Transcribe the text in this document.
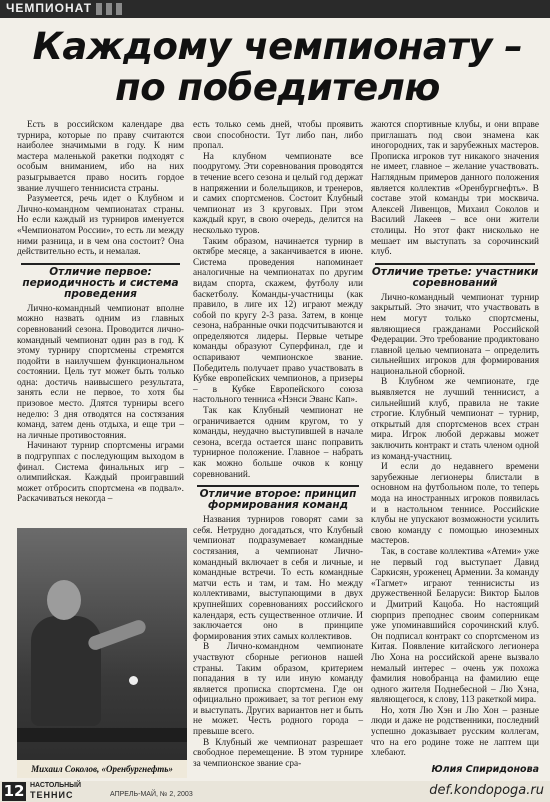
ЧЕМПИОНАТ
Каждому чемпионату – по победителю

Есть в российском календаре два турнира, которые по праву считаются наиболее значимыми в году. К ним мастера маленькой ракетки подходят с особым вниманием, ибо на них разыгрывается право носить гордое звание лучшего теннисиста страны.

Разумеется, речь идет о Клубном и Лично-командном чемпионатах страны. Но если каждый из турниров именуется «Чемпионатом России», то есть ли между ними разница, и в чем она состоит? Она действительно есть, и немалая.

Отличие первое: периодичность и система проведения

Лично-командный чемпионат вполне можно назвать одним из главных соревнований сезона. Проводится лично-командный чемпионат один раз в год. К этому турниру спортсмены стремятся подойти в наилучшем функциональном состоянии. Цель тут может быть только одна: достичь наивысшего результата, занять если не первое, то хотя бы призовое место. Длятся турниры всего неделю: 3 дня отводятся на состязания команд, затем день отдыха, и еще три – на личные противостояния.

Начинают турнир спортсмены играми в подгруппах с последующим выходом в финал. Система финальных игр – олимпийская. Каждый проигравший может отбросить спортсмена «в подвал». Раскачиваться некогда –

есть только семь дней, чтобы проявить свои способности. Тут либо пан, либо пропал.

На клубном чемпионате все поодругому. Эти соревнования проводятся в течение всего сезона и целый год держат в напряжении и болельщиков, и тренеров, и самих спортсменов. Состоит Клубный чемпионат из 3 круговых. При этом каждый круг, в свою очередь, делится на несколько туров.

Таким образом, начинается турнир в октябре месяце, а заканчивается в июне. Система проведения напоминает аналогичные на чемпионатах по другим видам спорта, скажем, футболу или баскетболу. Команды-участницы (как правило, в лиге их 12) играют между собой по кругу 2-3 раза. Затем, в конце сезона, набранные очки подсчитываются и определяются лидеры. Первые четыре команды образуют Суперфинал, где и оспаривают чемпионское звание. Победитель получает право участвовать в Кубке европейских чемпионов, а призеры – в Кубке Европейского союза настольного тенниса «Нэнси Эванс Кап».

Так как Клубный чемпионат не ограничивается одним кругом, то у команды, неудачно выступившей в начале сезона, всегда остается шанс поправить турнирное положение. Главное – набрать как можно больше очков к концу соревнований.

Отличие второе: принцип формирования команд

Названия турниров говорят сами за себя. Нетрудно догадаться, что Клубный чемпионат подразумевает командные состязания, а чемпионат Лично-командный включает в себя и личные, и командные встречи. То есть командные матчи есть и там, и там. Но между коллективами, выступающими в двух крупнейших соревнованиях российского календаря, есть существенное отличие. И заключается оно в принципе формирования этих самых коллективов.

В Лично-командном чемпионате участвуют сборные регионов нашей страны. Таким образом, критерием попадания в ту или иную команду является прописка спортсмена. Где он официально проживает, за тот регион ему и выступать. Других вариантов нет и быть не может. Честь родного города – превыше всего.

В Клубный же чемпионат разрешает свободное перемещение. В этом турнире за чемпионское звание сра-

жаются спортивные клубы, и они вправе приглашать под свои знамена как иногородних, так и зарубежных мастеров. Прописка игроков тут никакого значения не имеет, главное – желание участвовать. Наглядным примеров данного положения является коллектив «Оренбургнефть». В составе этой команды три москвича. Алексей Ливенцов, Михаил Соколов и Василий Лакеев – все они жители столицы. Но этот факт нисколько не мешает им выступать за сорочинский клуб.

Отличие третье: участники соревнований

Лично-командный чемпионат турнир закрытый. Это значит, что участвовать в нем могут только спортсмены, являющиеся гражданами Российской Федерации. Это требование продиктовано главной целью чемпионата – определить сильнейших игроков для формирования национальной сборной.

В Клубном же чемпионате, где выявляется не лучший теннисист, а сильнейший клуб, правила не такие строгие. Клубный чемпионат – турнир, открытый для спортсменов всех стран мира. Игрок любой державы может заключить контракт и стать членом одной из команд-участниц.

И если до недавнего времени зарубежные легионеры блистали в основном на футбольном поле, то теперь мода на иностранных игроков появилась и в настольном теннисе. Российские клубы не упускают возможности усилить свою команду с помощью иноземных мастеров.

Так, в составе коллектива «Атеми» уже не первый год выступает Давид Саркисян, уроженец Армении. За команду «Тагмет» играют теннисисты из дружественной Беларуси: Виктор Былов и Дмитрий Кацоба. Но настоящий сюрприз преподнес своим соперникам уже упоминавшийся сорочинский клуб. Он подписал контракт со спортсменом из Китая. Появление китайского легионера Лю Хона на российской арене вызвало немалый интерес – очень уж похожа фамилия новобранца на фамилию еще одного жителя Поднебесной – Лю Хэна, являющегося, к слову, 113 ракеткой мира.

Но, хотя Лю Хэн и Лю Хон – разные люди и даже не родственники, последний успешно доказывает русским коллегам, что на его родине тоже не лаптем щи хлебают.

Юлия Спиридонова
Михаил Соколов, «Оренбургнефть»
12 НАСТОЛЬНЫЙ
ТЕННИС	АПРЕЛЬ-МАЙ, № 2, 2003	def.kondopoga.ru
